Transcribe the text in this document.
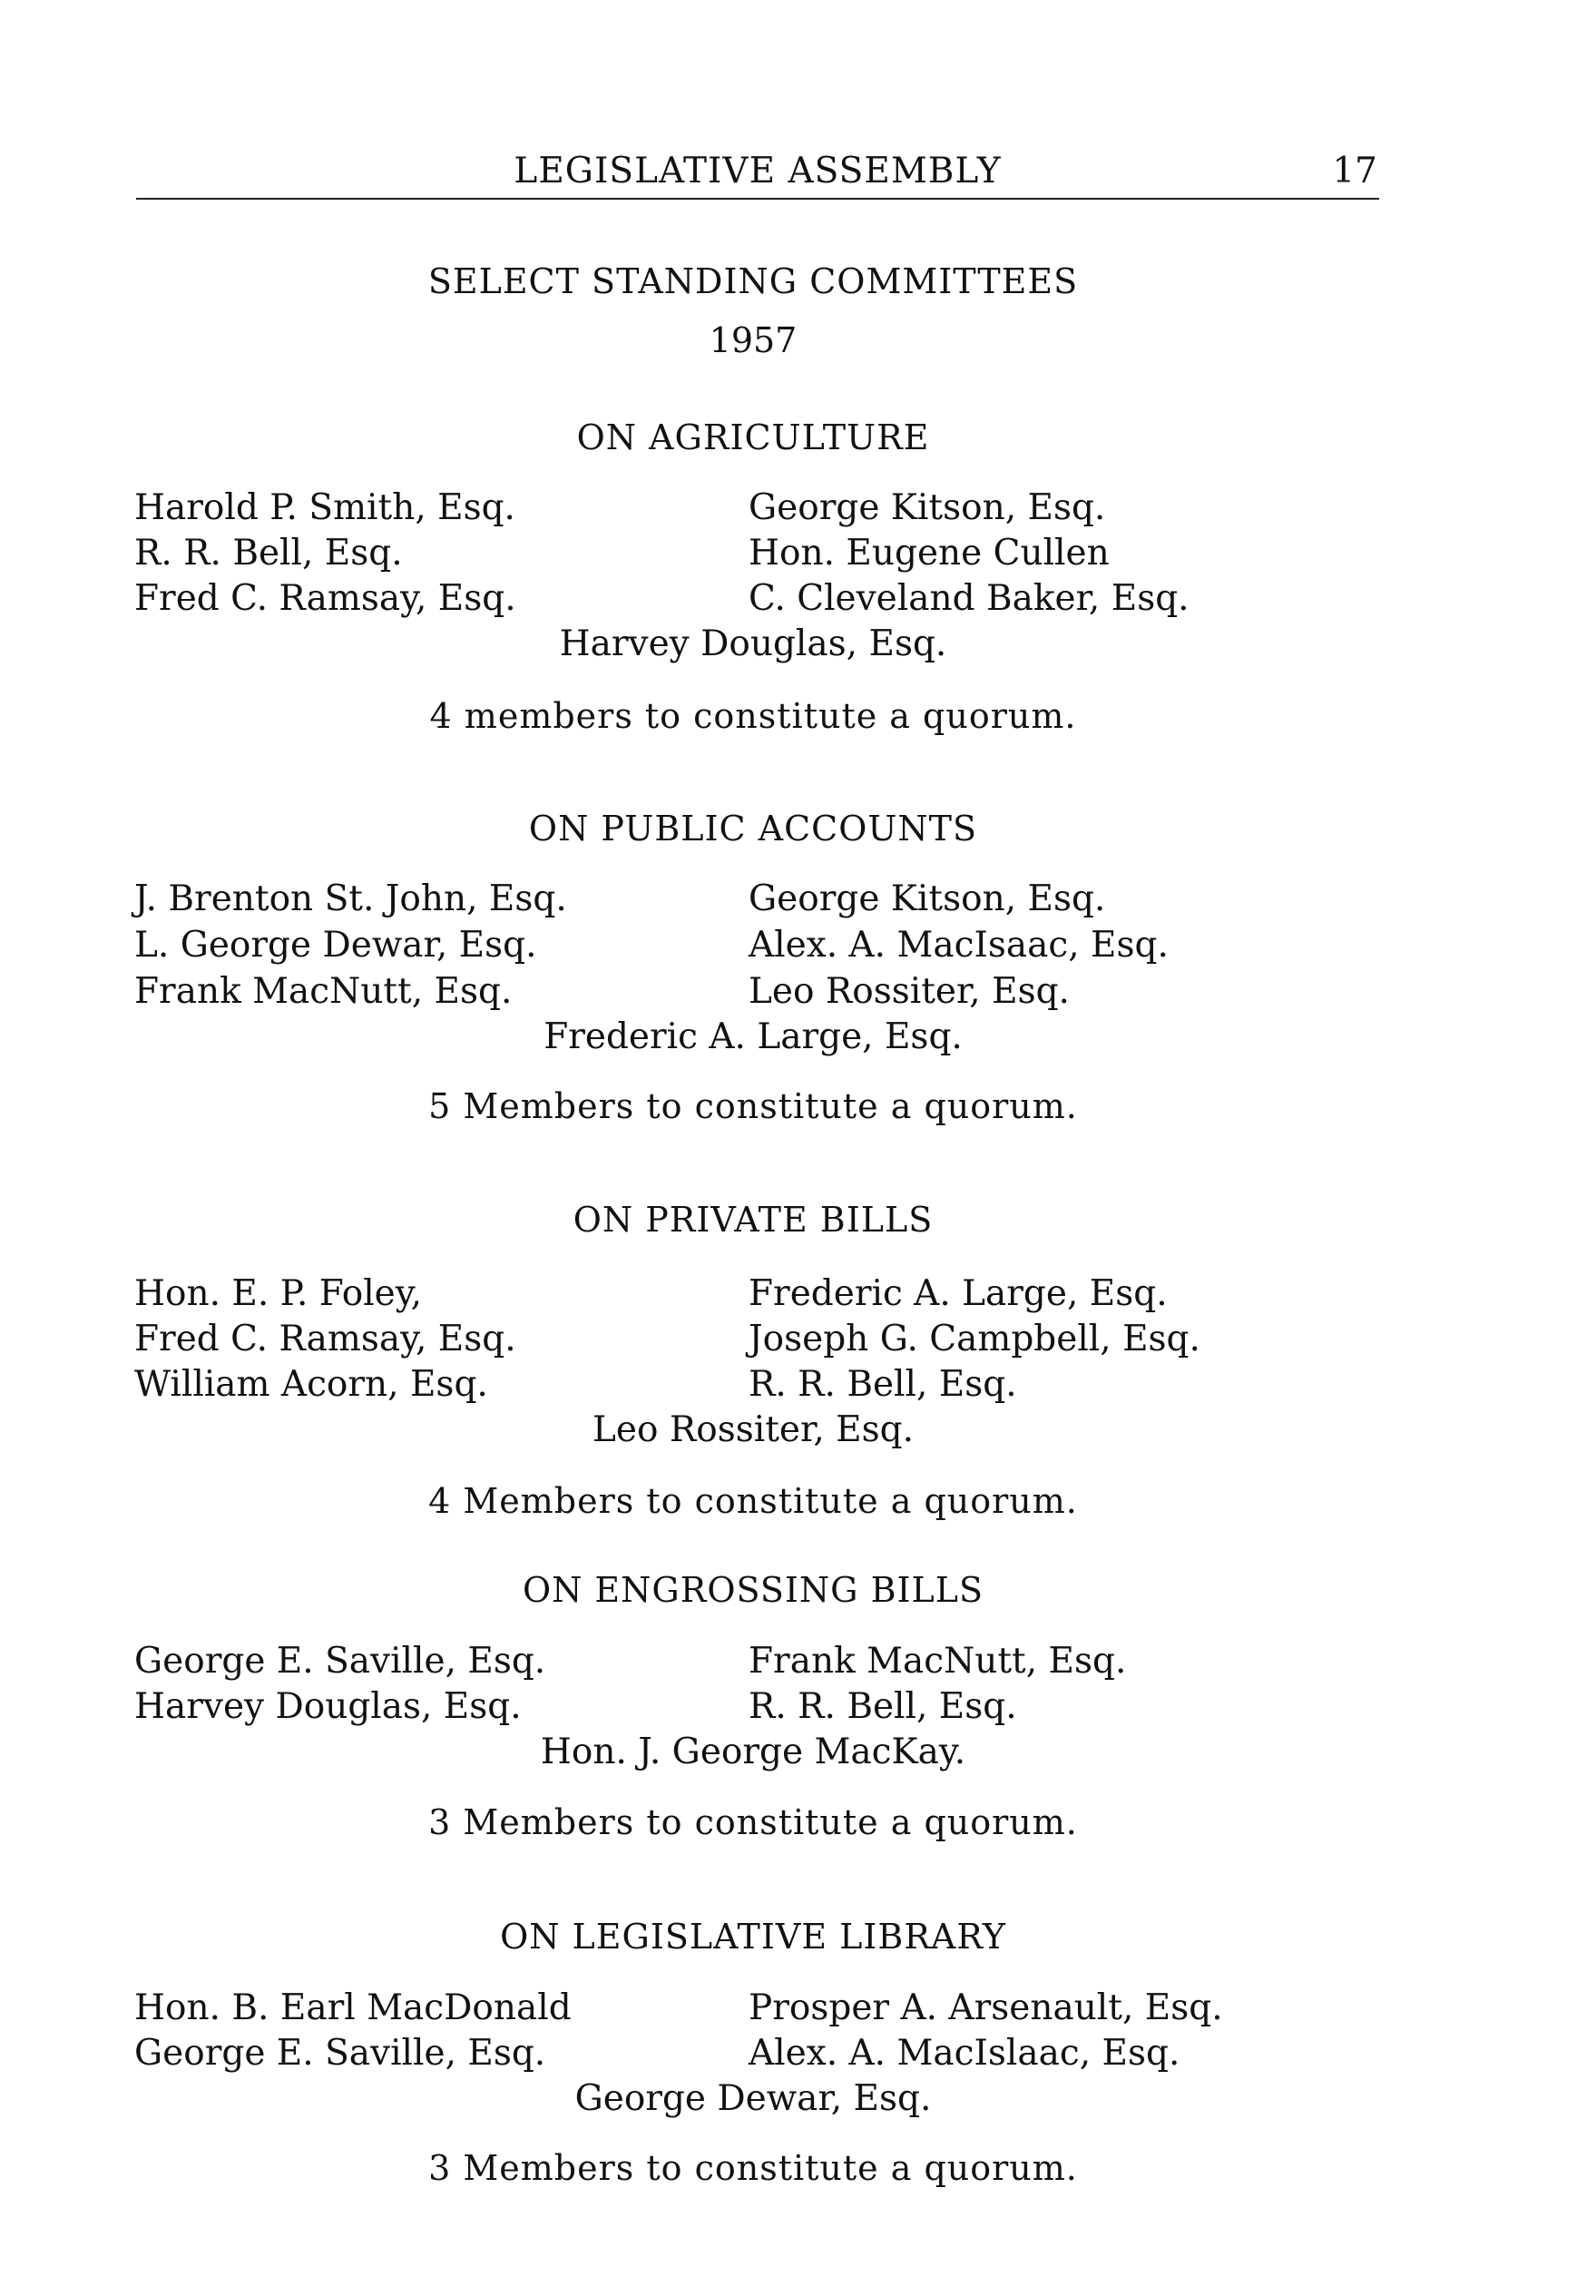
LEGISLATIVE ASSEMBLY	17
SELECT STANDING COMMITTEES
1957
ON AGRICULTURE
Harold P. Smith, Esq.
R. R. Bell, Esq.
Fred C. Ramsay, Esq.
George Kitson, Esq.
Hon. Eugene Cullen
C. Cleveland Baker, Esq.
Harvey Douglas, Esq.
4 members to constitute a quorum.
ON PUBLIC ACCOUNTS
J. Brenton St. John, Esq.
L. George Dewar, Esq.
Frank MacNutt, Esq.
George Kitson, Esq.
Alex. A. MacIsaac, Esq.
Leo Rossiter, Esq.
Frederic A. Large, Esq.
5 Members to constitute a quorum.
ON PRIVATE BILLS
Hon. E. P. Foley,
Fred C. Ramsay, Esq.
William Acorn, Esq.
Frederic A. Large, Esq.
Joseph G. Campbell, Esq.
R. R. Bell, Esq.
Leo Rossiter, Esq.
4 Members to constitute a quorum.
ON ENGROSSING BILLS
George E. Saville, Esq.
Harvey Douglas, Esq.
Frank MacNutt, Esq.
R. R. Bell, Esq.
Hon. J. George MacKay.
3 Members to constitute a quorum.
ON LEGISLATIVE LIBRARY
Hon. B. Earl MacDonald
George E. Saville, Esq.
Prosper A. Arsenault, Esq.
Alex. A. MacIslaac, Esq.
George Dewar, Esq.
3 Members to constitute a quorum.
